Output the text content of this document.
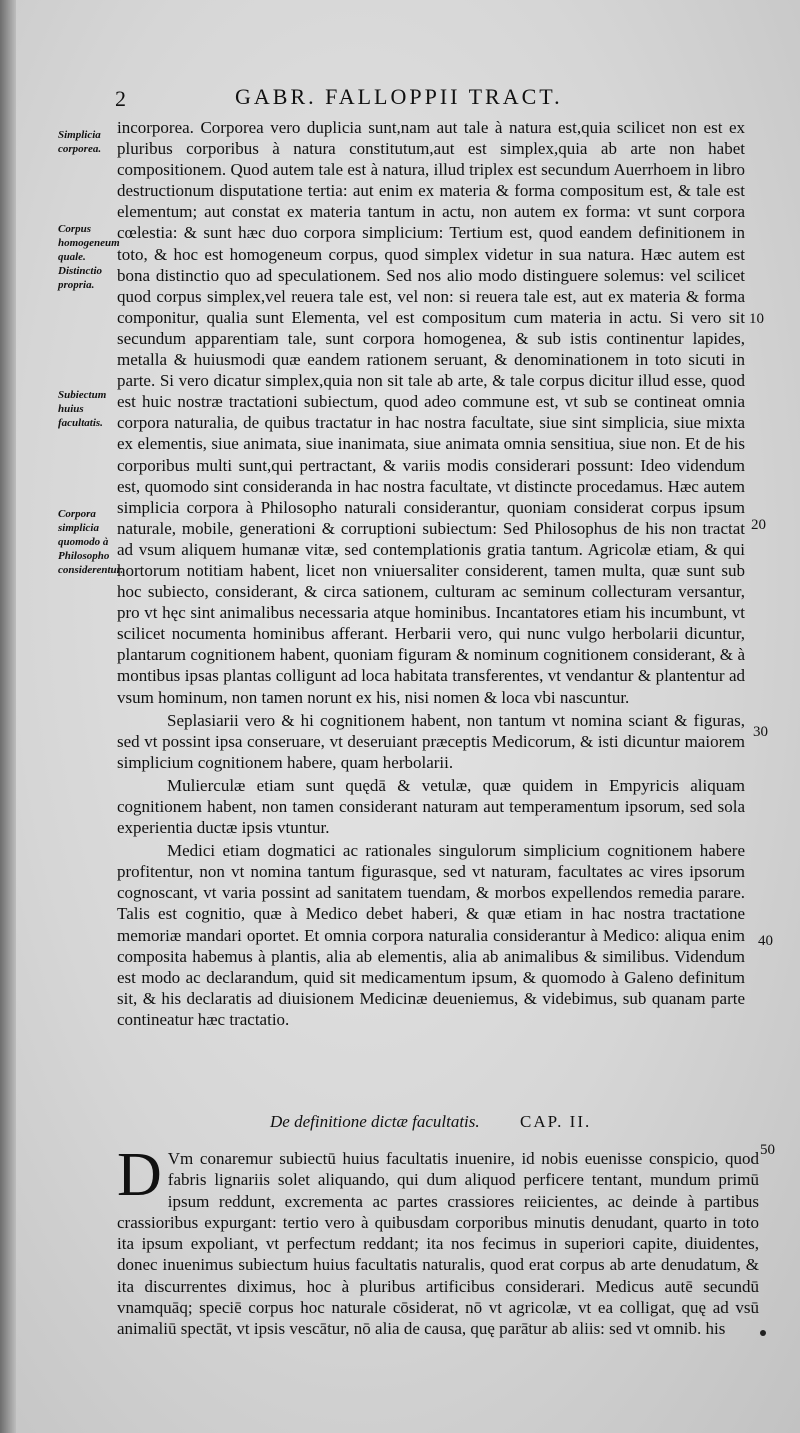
2	GABR. FALLOPPII TRACT.
Simplicia corporea.
Corpus homogeneum quale.
Distinctio propria.
Subiectum huius facultatis.
Corpora simplicia quomodo à Philosopho considerentur.
10
20
30
40
50

incorporea. Corporea vero duplicia sunt,nam aut tale à natura est,quia scilicet non est ex pluribus corporibus à natura constitutum,aut est simplex,quia ab arte non habet compositionem. Quod autem tale est à natura, illud triplex est secundum Auerrhoem in libro destructionum disputatione tertia: aut enim ex materia & forma compositum est, & tale est elementum; aut constat ex materia tantum in actu, non autem ex forma: vt sunt corpora cœlestia: & sunt hæc duo corpora simplicium: Tertium est, quod eandem definitionem in toto, & hoc est homogeneum corpus, quod simplex videtur in sua natura. Hæc autem est bona distinctio quo ad speculationem. Sed nos alio modo distinguere solemus: vel scilicet quod corpus simplex,vel reuera tale est, vel non: si reuera tale est, aut ex materia & forma componitur, qualia sunt Elementa, vel est compositum cum materia in actu. Si vero sit secundum apparentiam tale, sunt corpora homogenea, & sub istis continentur lapides, metalla & huiusmodi quæ eandem rationem seruant, & denominationem in toto sicuti in parte. Si vero dicatur simplex,quia non sit tale ab arte, & tale corpus dicitur illud esse, quod est huic nostræ tractationi subiectum, quod adeo commune est, vt sub se contineat omnia corpora naturalia, de quibus tractatur in hac nostra facultate, siue sint simplicia, siue mixta ex elementis, siue animata, siue inanimata, siue animata omnia sensitiua, siue non. Et de his corporibus multi sunt,qui pertractant, & variis modis considerari possunt: Ideo videndum est, quomodo sint consideranda in hac nostra facultate, vt distincte procedamus. Hæc autem simplicia corpora à Philosopho naturali considerantur, quoniam considerat corpus ipsum naturale, mobile, generationi & corruptioni subiectum: Sed Philosophus de his non tractat ad vsum aliquem humanæ vitæ, sed contemplationis gratia tantum. Agricolæ etiam, & qui hortorum notitiam habent, licet non vniuersaliter considerent, tamen multa, quæ sunt sub hoc subiecto, considerant, & circa sationem, culturam ac seminum collecturam versantur, pro vt hęc sint animalibus necessaria atque hominibus. Incantatores etiam his incumbunt, vt scilicet nocumenta hominibus afferant. Herbarii vero, qui nunc vulgo herbolarii dicuntur, plantarum cognitionem habent, quoniam figuram & nominum cognitionem considerant, & à montibus ipsas plantas colligunt ad loca habitata transferentes, vt vendantur & plantentur ad vsum hominum, non tamen norunt ex his, nisi nomen & loca vbi nascuntur.

Seplasiarii vero & hi cognitionem habent, non tantum vt nomina sciant & figuras, sed vt possint ipsa conseruare, vt deseruiant præceptis Medicorum, & isti dicuntur maiorem simplicium cognitionem habere, quam herbolarii.

Mulierculæ etiam sunt quędā & vetulæ, quæ quidem in Empyricis aliquam cognitionem habent, non tamen considerant naturam aut temperamentum ipsorum, sed sola experientia ductæ ipsis vtuntur.

Medici etiam dogmatici ac rationales singulorum simplicium cognitionem habere profitentur, non vt nomina tantum figurasque, sed vt naturam, facultates ac vires ipsorum cognoscant, vt varia possint ad sanitatem tuendam, & morbos expellendos remedia parare. Talis est cognitio, quæ à Medico debet haberi, & quæ etiam in hac nostra tractatione memoriæ mandari oportet. Et omnia corpora naturalia considerantur à Medico: aliqua enim composita habemus à plantis, alia ab elementis, alia ab animalibus & similibus. Videndum est modo ac declarandum, quid sit medicamentum ipsum, & quomodo à Galeno definitum sit, & his declaratis ad diuisionem Medicinæ deueniemus, & videbimus, sub quanam parte contineatur hæc tractatio.

De definitione dictæ facultatis. CAP. II.

D Vm conaremur subiectū huius facultatis inuenire, id nobis euenisse conspicio, quod fabris lignariis solet aliquando, qui dum aliquod perficere tentant, mundum primū ipsum reddunt, excrementa ac partes crassiores reiicientes, ac deinde à partibus crassioribus expurgant: tertio vero à quibusdam corporibus minutis denudant, quarto in toto ita ipsum expoliant, vt perfectum reddant; ita nos fecimus in superiori capite, diuidentes, donec inuenimus subiectum huius facultatis naturalis, quod erat corpus ab arte denudatum, & ita discurrentes diximus, hoc à pluribus artificibus considerari. Medicus autē secundū vnamquāq; speciē corpus hoc naturale cōsiderat, nō vt agricolæ, vt ea colligat, quę ad vsū animaliū spectāt, vt ipsis vescātur, nō alia de causa, quę parātur ab aliis: sed vt omnib. his
